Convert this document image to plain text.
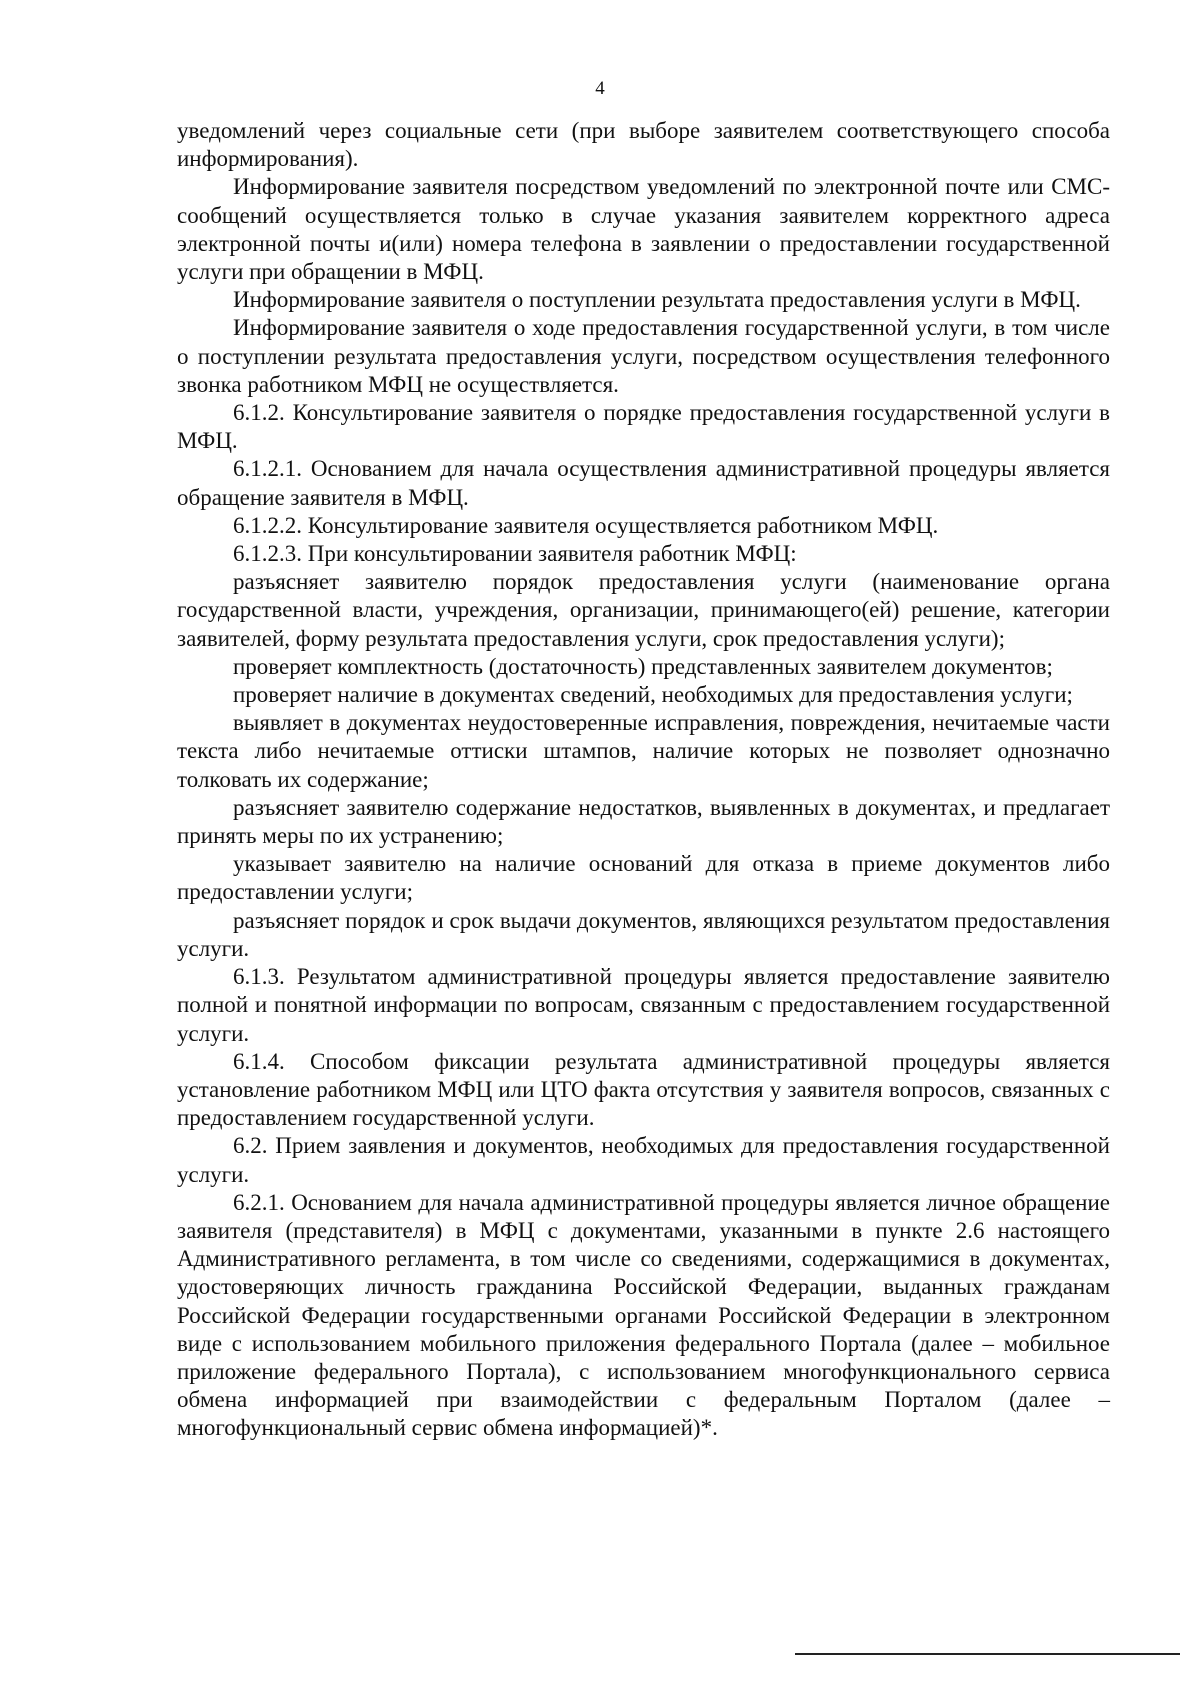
4

уведомлений через социальные сети (при выборе заявителем соответствующего способа информирования).

Информирование заявителя посредством уведомлений по электронной почте или СМС-сообщений осуществляется только в случае указания заявителем корректного адреса электронной почты и(или) номера телефона в заявлении о предоставлении государственной услуги при обращении в МФЦ.

Информирование заявителя о поступлении результата предоставления услуги в МФЦ.

Информирование заявителя о ходе предоставления государственной услуги, в том числе о поступлении результата предоставления услуги, посредством осуществления телефонного звонка работником МФЦ не осуществляется.

6.1.2. Консультирование заявителя о порядке предоставления государственной услуги в МФЦ.

6.1.2.1. Основанием для начала осуществления административной процедуры является обращение заявителя в МФЦ.

6.1.2.2. Консультирование заявителя осуществляется работником МФЦ.

6.1.2.3. При консультировании заявителя работник МФЦ:

разъясняет заявителю порядок предоставления услуги (наименование органа государственной власти, учреждения, организации, принимающего(ей) решение, категории заявителей, форму результата предоставления услуги, срок предоставления услуги);

проверяет комплектность (достаточность) представленных заявителем документов;

проверяет наличие в документах сведений, необходимых для предоставления услуги;

выявляет в документах неудостоверенные исправления, повреждения, нечитаемые части текста либо нечитаемые оттиски штампов, наличие которых не позволяет однозначно толковать их содержание;

разъясняет заявителю содержание недостатков, выявленных в документах, и предлагает принять меры по их устранению;

указывает заявителю на наличие оснований для отказа в приеме документов либо предоставлении услуги;

разъясняет порядок и срок выдачи документов, являющихся результатом предоставления услуги.

6.1.3. Результатом административной процедуры является предоставление заявителю полной и понятной информации по вопросам, связанным с предоставлением государственной услуги.

6.1.4. Способом фиксации результата административной процедуры является установление работником МФЦ или ЦТО факта отсутствия у заявителя вопросов, связанных с предоставлением государственной услуги.

6.2. Прием заявления и документов, необходимых для предоставления государственной услуги.

6.2.1. Основанием для начала административной процедуры является личное обращение заявителя (представителя) в МФЦ с документами, указанными в пункте 2.6 настоящего Административного регламента, в том числе со сведениями, содержащимися в документах, удостоверяющих личность гражданина Российской Федерации, выданных гражданам Российской Федерации государственными органами Российской Федерации в электронном виде с использованием мобильного приложения федерального Портала (далее – мобильное приложение федерального Портала), с использованием многофункционального сервиса обмена информацией при взаимодействии с федеральным Порталом (далее – многофункциональный сервис обмена информацией)*.
